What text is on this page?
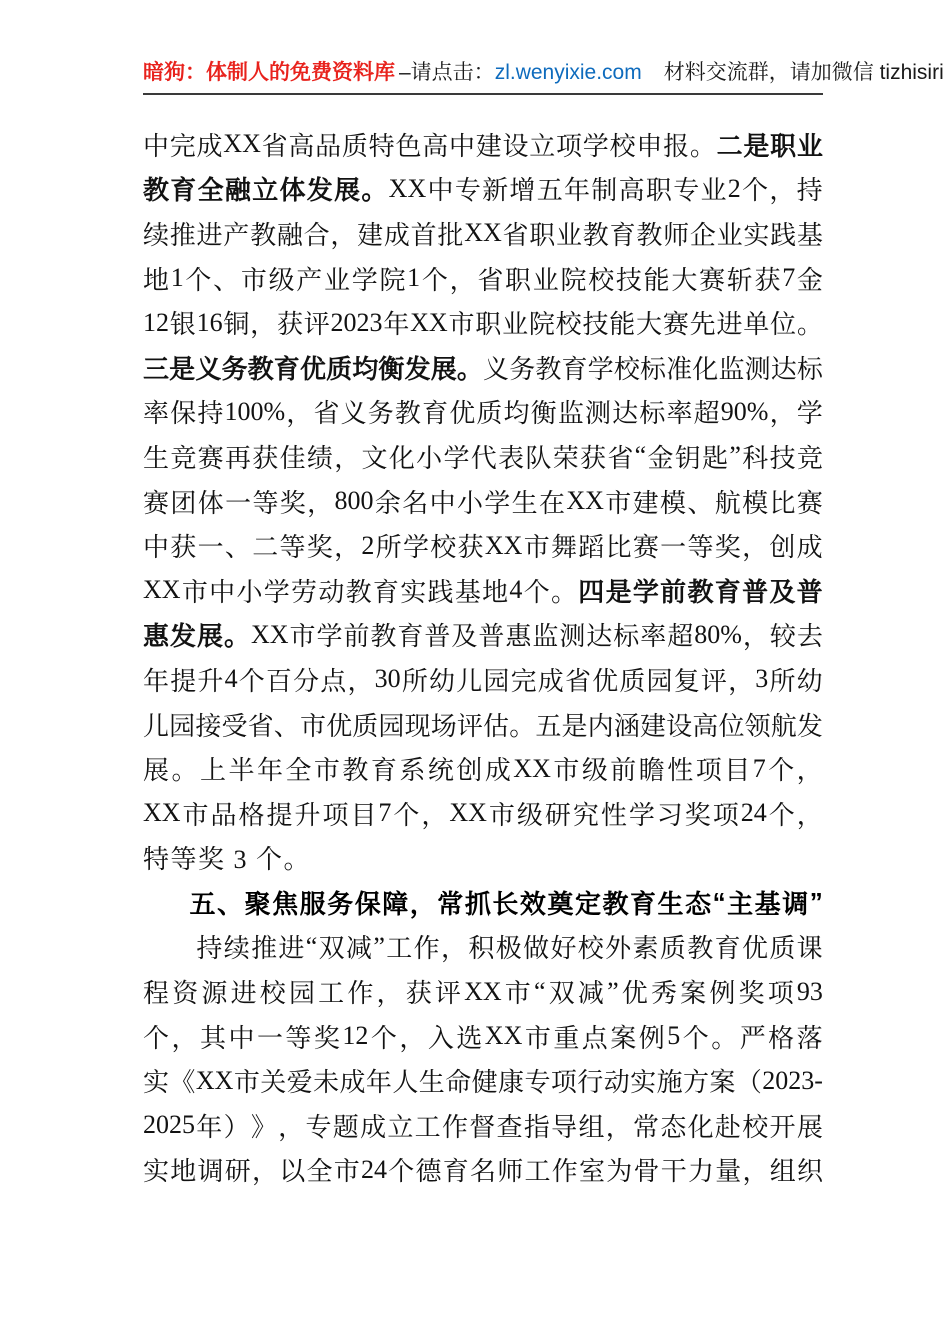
暗狗：体制人的免费资料库 –请点击： zl.wenyixie.com 材料交流群，请加微信 tizhisiri
中 完 成 XX 省 高 品 质 特 色 高 中 建 设 立 项 学 校 申 报 。 二 是 职 业
教 育 全 融 立 体 发 展 。 XX 中 专 新 增 五 年 制 高 职 专 业 2 个 ， 持
续 推 进 产 教 融 合 ， 建 成 首 批 XX 省 职 业 教 育 教 师 企 业 实 践 基
地 1 个 、 市 级 产 业 学 院 1 个 ， 省 职 业 院 校 技 能 大 赛 斩 获 7 金
12 银 16 铜 ， 获 评 2023 年 XX 市 职 业 院 校 技 能 大 赛 先 进 单 位 。
三 是 义 务 教 育 优 质 均 衡 发 展 。 义 务 教 育 学 校 标 准 化 监 测 达 标
率 保 持 100% ， 省 义 务 教 育 优 质 均 衡 监 测 达 标 率 超 90% ， 学
生 竞 赛 再 获 佳 绩 ， 文 化 小 学 代 表 队 荣 获 省 “ 金 钥 匙 ” 科 技 竞
赛 团 体 一 等 奖 ， 800 余 名 中 小 学 生 在 XX 市 建 模 、 航 模 比 赛
中 获 一 、 二 等 奖 ， 2 所 学 校 获 XX 市 舞 蹈 比 赛 一 等 奖 ， 创 成
XX 市 中 小 学 劳 动 教 育 实 践 基 地 4 个 。 四 是 学 前 教 育 普 及 普
惠 发 展 。 XX 市 学 前 教 育 普 及 普 惠 监 测 达 标 率 超 80% ， 较 去
年 提 升 4 个 百 分 点 ， 30 所 幼 儿 园 完 成 省 优 质 园 复 评 ， 3 所 幼
儿 园 接 受 省 、 市 优 质 园 现 场 评 估 。 五 是 内 涵 建 设 高 位 领 航 发
展 。 上 半 年 全 市 教 育 系 统 创 成 XX 市 级 前 瞻 性 项 目 7 个 ，
XX 市 品 格 提 升 项 目 7 个 ， XX 市 级 研 究 性 学 习 奖 项 24 个 ，
特等奖 3 个。
五 、 聚 焦 服 务 保 障 ， 常 抓 长 效 奠 定 教 育 生 态 “ 主 基 调 ”
持 续 推 进 “ 双 减 ” 工 作 ， 积 极 做 好 校 外 素 质 教 育 优 质 课
程 资 源 进 校 园 工 作 ， 获 评 XX 市 “ 双 减 ” 优 秀 案 例 奖 项 93
个 ， 其 中 一 等 奖 12 个 ， 入 选 XX 市 重 点 案 例 5 个 。 严 格 落
实 《 XX 市 关 爱 未 成 年 人 生 命 健 康 专 项 行 动 实 施 方 案 （ 2023-
2025 年 ） 》 ， 专 题 成 立 工 作 督 查 指 导 组 ， 常 态 化 赴 校 开 展
实 地 调 研 ， 以 全 市 24 个 德 育 名 师 工 作 室 为 骨 干 力 量 ， 组 织
